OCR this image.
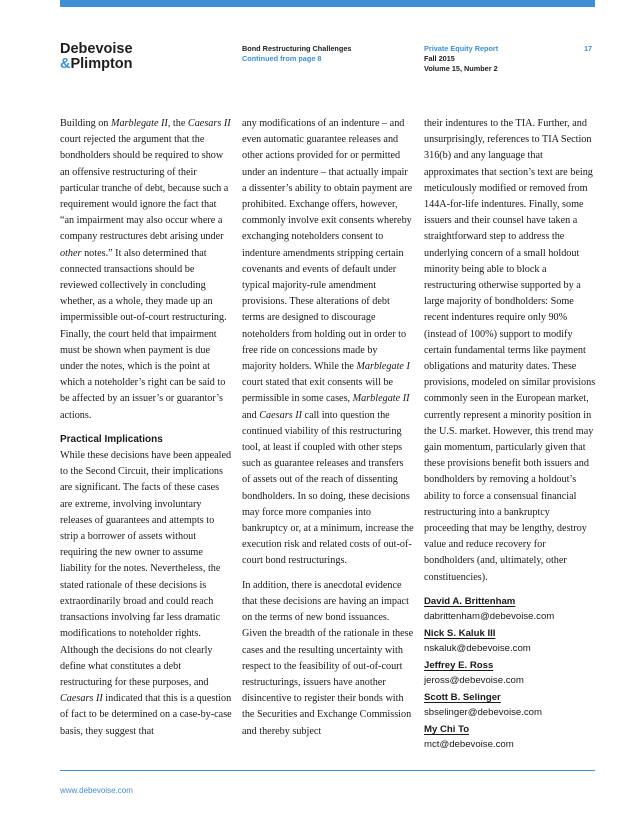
Debevoise
&Plimpton
Bond Restructuring Challenges
Continued from page 8
Private Equity Report
Fall 2015
Volume 15, Number 2
17

Building on Marblegate II, the Caesars II court rejected the argument that the bondholders should be required to show an offensive restructuring of their particular tranche of debt, because such a requirement would ignore the fact that “an impairment may also occur where a company restructures debt arising under other notes.” It also determined that connected transactions should be reviewed collectively in concluding whether, as a whole, they made up an impermissible out-of-court restructuring. Finally, the court held that impairment must be shown when payment is due under the notes, which is the point at which a noteholder’s right can be said to be affected by an issuer’s or guarantor’s actions.

Practical Implications

While these decisions have been appealed to the Second Circuit, their implications are significant. The facts of these cases are extreme, involving involuntary releases of guarantees and attempts to strip a borrower of assets without requiring the new owner to assume liability for the notes. Nevertheless, the stated rationale of these decisions is extraordinarily broad and could reach transactions involving far less dramatic modifications to noteholder rights. Although the decisions do not clearly define what constitutes a debt restructuring for these purposes, and Caesars II indicated that this is a question of fact to be determined on a case-by-case basis, they suggest that

any modifications of an indenture – and even automatic guarantee releases and other actions provided for or permitted under an indenture – that actually impair a dissenter’s ability to obtain payment are prohibited. Exchange offers, however, commonly involve exit consents whereby exchanging noteholders consent to indenture amendments stripping certain covenants and events of default under typical majority-rule amendment provisions. These alterations of debt terms are designed to discourage noteholders from holding out in order to free ride on concessions made by majority holders. While the Marblegate I court stated that exit consents will be permissible in some cases, Marblegate II and Caesars II call into question the continued viability of this restructuring tool, at least if coupled with other steps such as guarantee releases and transfers of assets out of the reach of dissenting bondholders. In so doing, these decisions may force more companies into bankruptcy or, at a minimum, increase the execution risk and related costs of out-of-court bond restructurings.

In addition, there is anecdotal evidence that these decisions are having an impact on the terms of new bond issuances. Given the breadth of the rationale in these cases and the resulting uncertainty with respect to the feasibility of out-of-court restructurings, issuers have another disincentive to register their bonds with the Securities and Exchange Commission and thereby subject

their indentures to the TIA. Further, and unsurprisingly, references to TIA Section 316(b) and any language that approximates that section’s text are being meticulously modified or removed from 144A-for-life indentures. Finally, some issuers and their counsel have taken a straightforward step to address the underlying concern of a small holdout minority being able to block a restructuring otherwise supported by a large majority of bondholders: Some recent indentures require only 90% (instead of 100%) support to modify certain fundamental terms like payment obligations and maturity dates. These provisions, modeled on similar provisions commonly seen in the European market, currently represent a minority position in the U.S. market. However, this trend may gain momentum, particularly given that these provisions benefit both issuers and bondholders by removing a holdout’s ability to force a consensual financial restructuring into a bankruptcy proceeding that may be lengthy, destroy value and reduce recovery for bondholders (and, ultimately, other constituencies).

David A. Brittenham
dabrittenham@debevoise.com
Nick S. Kaluk III
nskaluk@debevoise.com
Jeffrey E. Ross
jeross@debevoise.com
Scott B. Selinger
sbselinger@debevoise.com
My Chi To
mct@debevoise.com
www.debevoise.com
